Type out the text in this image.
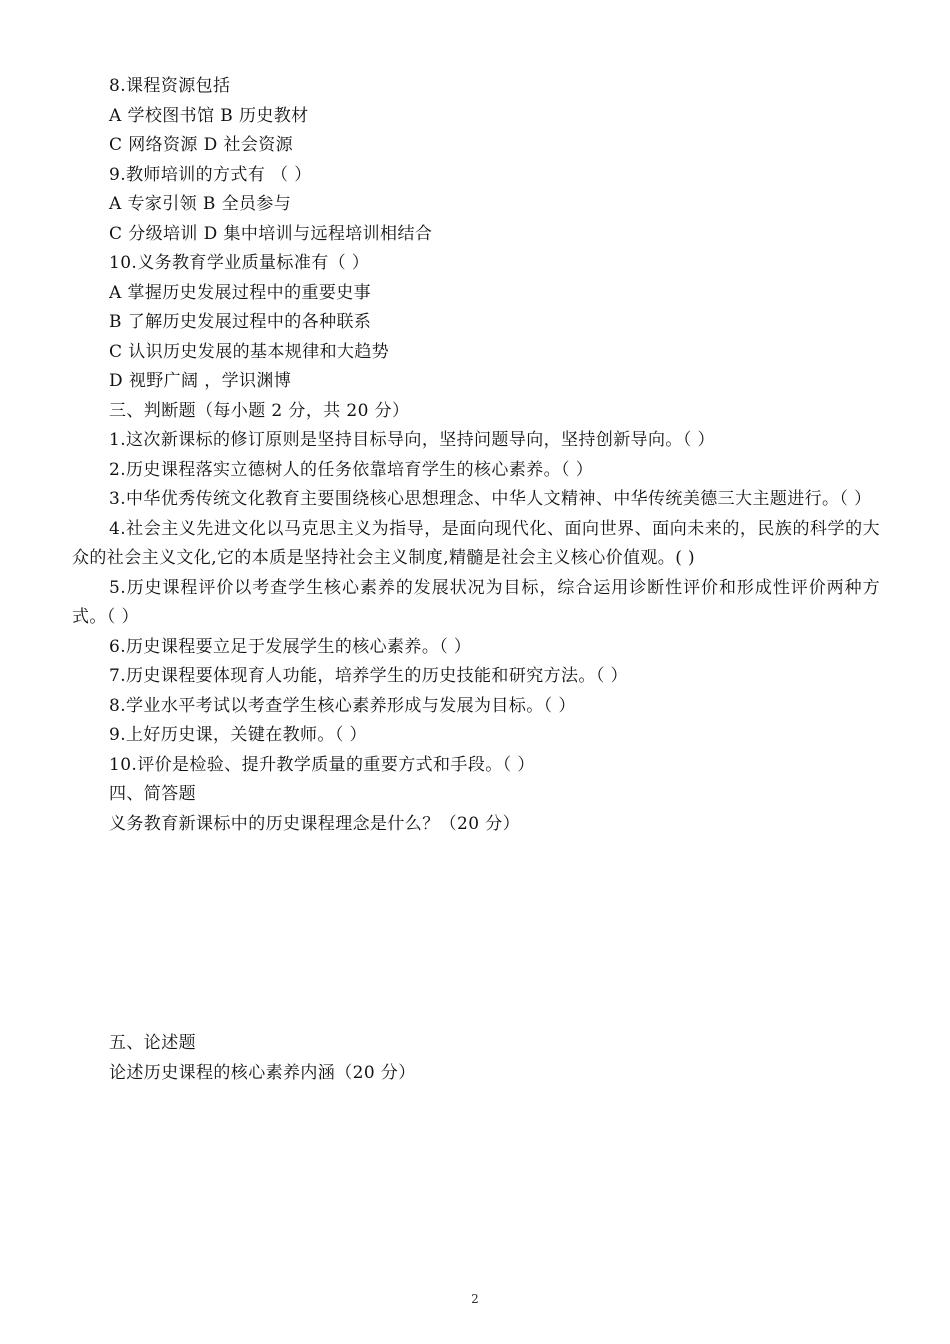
8.课程资源包括
A 学校图书馆 B 历史教材
C 网络资源 D 社会资源
9.教师培训的方式有 （ ）
A 专家引领 B 全员参与
C 分级培训 D 集中培训与远程培训相结合
10.义务教育学业质量标准有（ ）
A 掌握历史发展过程中的重要史事
B 了解历史发展过程中的各种联系
C 认识历史发展的基本规律和大趋势
D 视野广阔 ，学识渊博
三、判断题（每小题 2 分，共 20 分）
1.这次新课标的修订原则是坚持目标导向，坚持问题导向，坚持创新导向。（ ）
2.历史课程落实立德树人的任务依靠培育学生的核心素养。（ ）
3.中华优秀传统文化教育主要围绕核心思想理念、中华人文精神、中华传统美德三大主题进行。（ ）
4.社会主义先进文化以马克思主义为指导，是面向现代化、面向世界、面向未来的，民族的科学的大众的社会主义文化,它的本质是坚持社会主义制度,精髓是社会主义核心价值观。( )
5.历史课程评价以考查学生核心素养的发展状况为目标，综合运用诊断性评价和形成性评价两种方式。（ ）
6.历史课程要立足于发展学生的核心素养。（ ）
7.历史课程要体现育人功能，培养学生的历史技能和研究方法。（ ）
8.学业水平考试以考查学生核心素养形成与发展为目标。（ ）
9.上好历史课，关键在教师。（ ）
10.评价是检验、提升教学质量的重要方式和手段。（ ）
四、简答题
义务教育新课标中的历史课程理念是什么？（20 分）
五、论述题
论述历史课程的核心素养内涵（20 分）
2
